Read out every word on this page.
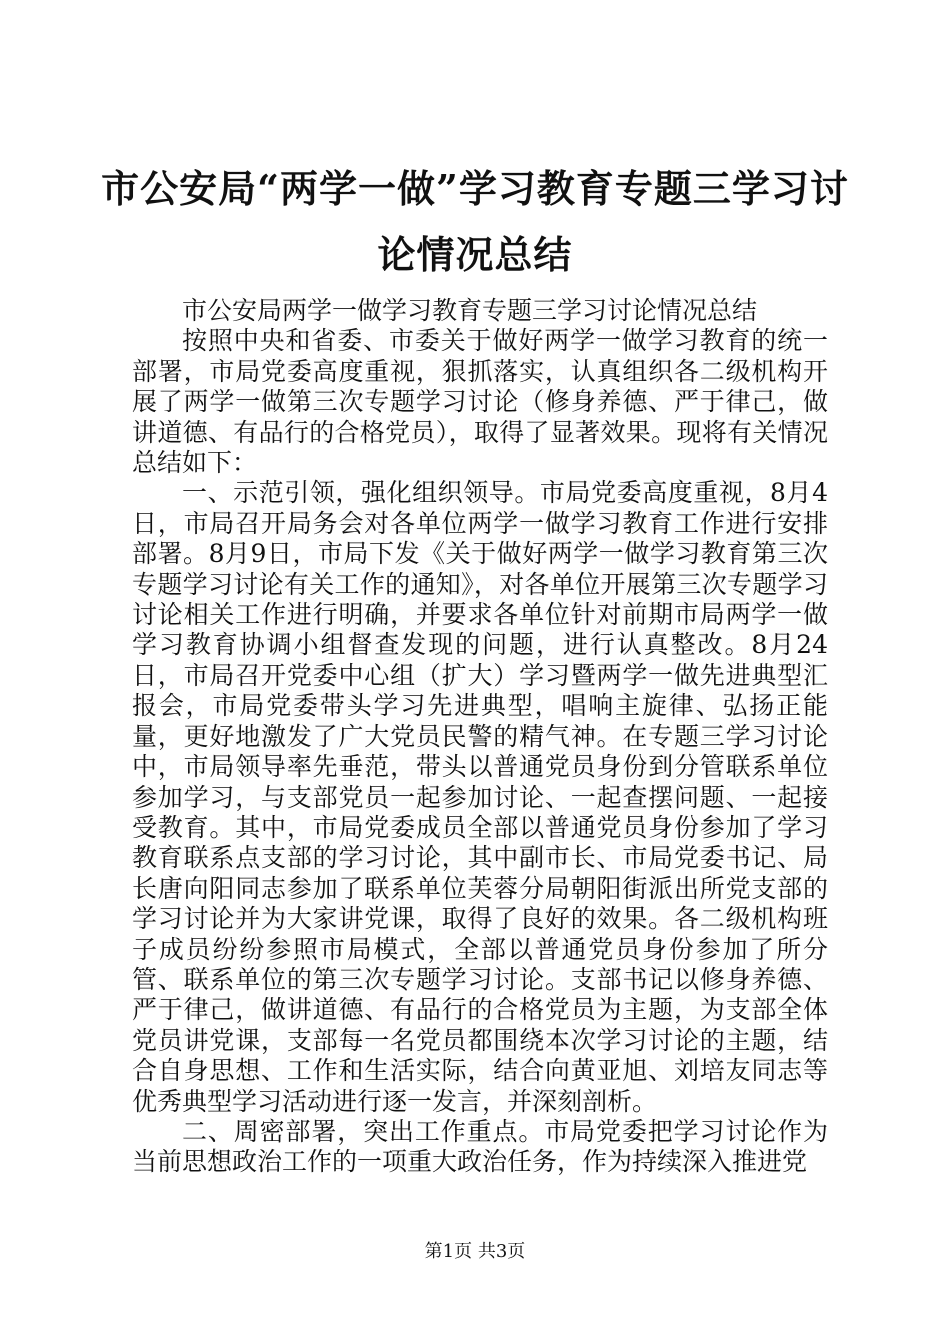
市公安局“两学一做”学习教育专题三学习讨论情况总结

市公安局两学一做学习教育专题三学习讨论情况总结

按照中央和省委、市委关于做好两学一做学习教育的统一部署，市局党委高度重视，狠抓落实，认真组织各二级机构开展了两学一做第三次专题学习讨论（修身养德、严于律己，做讲道德、有品行的合格党员），取得了显著效果。现将有关情况总结如下：

一、示范引领，强化组织领导。市局党委高度重视，8月4日，市局召开局务会对各单位两学一做学习教育工作进行安排部署。8月9日，市局下发《关于做好两学一做学习教育第三次专题学习讨论有关工作的通知》，对各单位开展第三次专题学习讨论相关工作进行明确，并要求各单位针对前期市局两学一做学习教育协调小组督查发现的问题，进行认真整改。8月24日，市局召开党委中心组（扩大）学习暨两学一做先进典型汇报会，市局党委带头学习先进典型，唱响主旋律、弘扬正能量，更好地激发了广大党员民警的精气神。在专题三学习讨论中，市局领导率先垂范，带头以普通党员身份到分管联系单位参加学习，与支部党员一起参加讨论、一起查摆问题、一起接受教育。其中，市局党委成员全部以普通党员身份参加了学习教育联系点支部的学习讨论，其中副市长、市局党委书记、局长唐向阳同志参加了联系单位芙蓉分局朝阳街派出所党支部的学习讨论并为大家讲党课，取得了良好的效果。各二级机构班子成员纷纷参照市局模式，全部以普通党员身份参加了所分管、联系单位的第三次专题学习讨论。支部书记以修身养德、严于律己，做讲道德、有品行的合格党员为主题，为支部全体党员讲党课，支部每一名党员都围绕本次学习讨论的主题，结合自身思想、工作和生活实际，结合向黄亚旭、刘培友同志等优秀典型学习活动进行逐一发言，并深刻剖析。

二、周密部署，突出工作重点。市局党委把学习讨论作为当前思想政治工作的一项重大政治任务，作为持续深入推进党

第1页 共3页
